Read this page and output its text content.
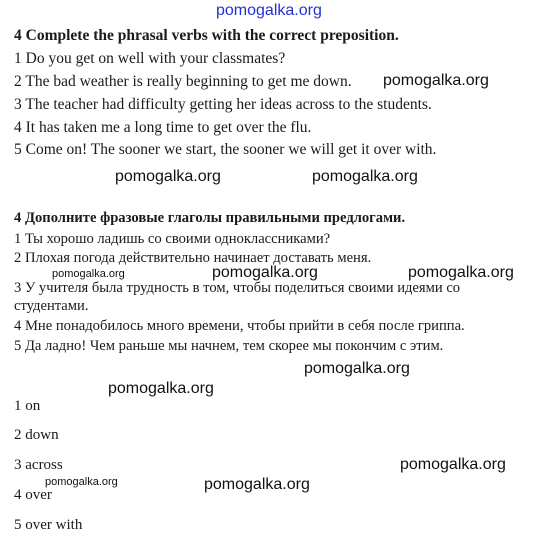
pomogalka.org
4 Complete the phrasal verbs with the correct preposition.
1 Do you get on well with your classmates?
2 The bad weather is really beginning to get me down.
3 The teacher had difficulty getting her ideas across to the students.
4 It has taken me a long time to get over the flu.
5 Come on! The sooner we start, the sooner we will get it over with.
4 Дополните фразовые глаголы правильными предлогами.
1 Ты хорошо ладишь со своими одноклассниками?
2 Плохая погода действительно начинает доставать меня.
3 У учителя была трудность в том, чтобы поделиться своими идеями со
студентами.
4 Мне понадобилось много времени, чтобы прийти в себя после гриппа.
5 Да ладно! Чем раньше мы начнем, тем скорее мы покончим с этим.
1 on
2 down
3 across
4 over
5 over with
pomogalka.org
pomogalka.org	pomogalka.org
pomogalka.org	pomogalka.org	pomogalka.org
pomogalka.org
pomogalka.org
pomogalka.org
pomogalka.org	pomogalka.org
